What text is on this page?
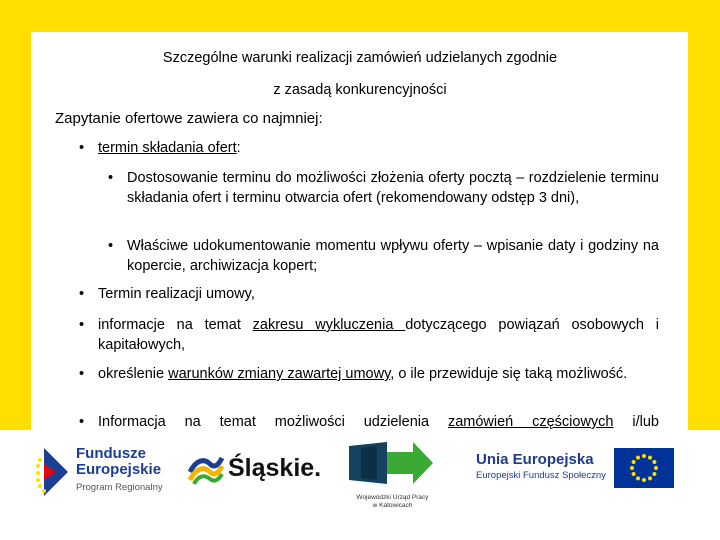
Szczególne warunki realizacji zamówień udzielanych zgodnie
z zasadą konkurencyjności
Zapytanie ofertowe zawiera co najmniej:
• termin składania ofert:
• Dostosowanie terminu do możliwości złożenia oferty pocztą – rozdzielenie terminu składania ofert i terminu otwarcia ofert (rekomendowany odstęp 3 dni),
• Właściwe udokumentowanie momentu wpływu oferty – wpisanie daty i godziny na kopercie, archiwizacja kopert;
• Termin realizacji umowy,
• informacje na temat zakresu wykluczenia dotyczącego powiązań osobowych i kapitałowych,
• określenie warunków zmiany zawartej umowy, o ile przewiduje się taką możliwość.
• Informacja na temat możliwości udzielenia zamówień częściowych i/lub
Fundusze
Europejskie
Program Regionalny
Śląskie.
Wojewódzki Urząd Pracy
w Katowicach
Unia Europejska
Europejski Fundusz Społeczny
